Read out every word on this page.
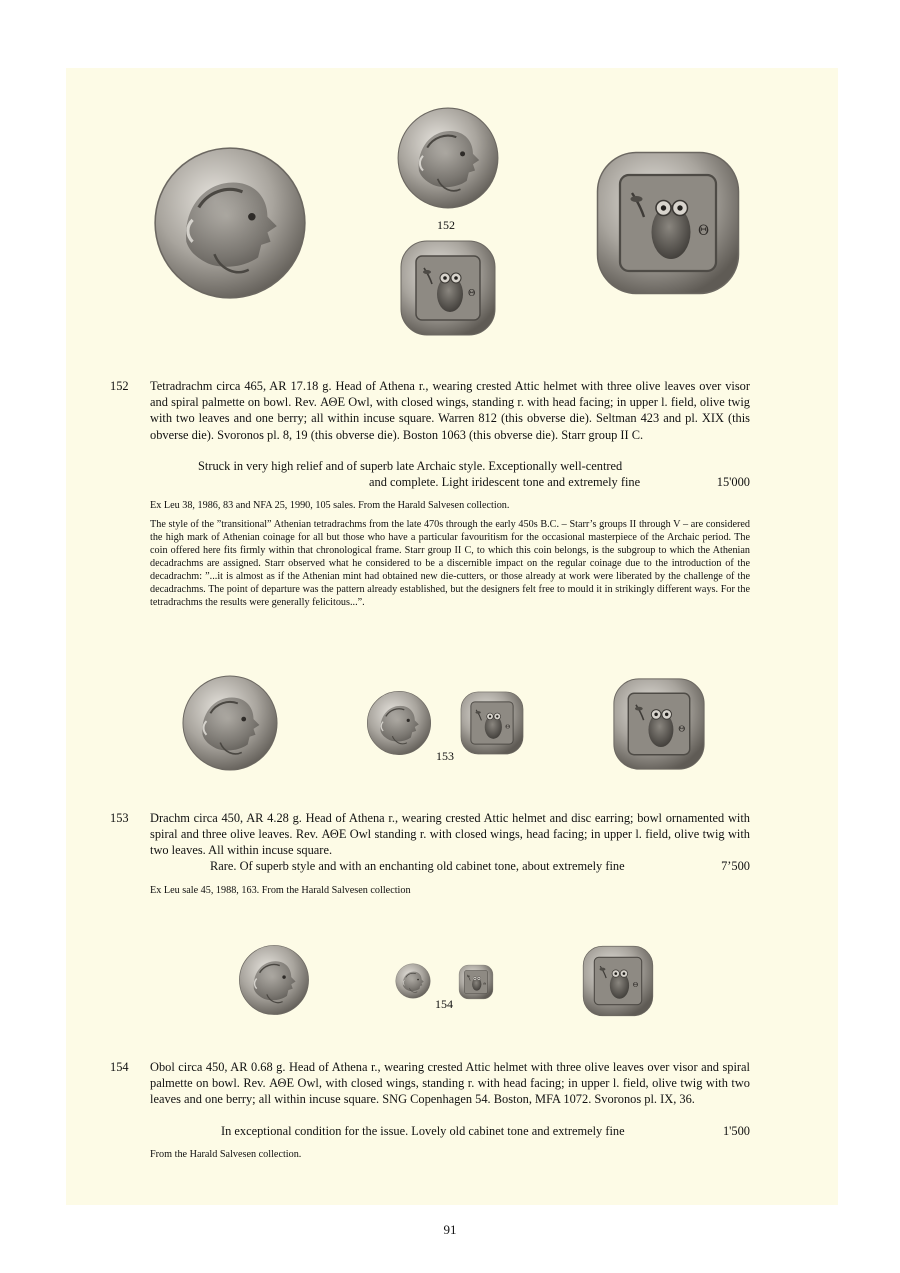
152
152 Tetradrachm circa 465, AR 17.18 g. Head of Athena r., wearing crested Attic helmet with three olive leaves over visor and spiral palmette on bowl. Rev. ΑΘΕ Owl, with closed wings, standing r. with head facing; in upper l. field, olive twig with two leaves and one berry; all within incuse square. Warren 812 (this obverse die). Seltman 423 and pl. XIX (this obverse die). Svoronos pl. 8, 19 (this obverse die). Boston 1063 (this obverse die). Starr group II C.
Struck in very high relief and of superb late Archaic style. Exceptionally well-centred
and complete. Light iridescent tone and extremely fine	15'000
Ex Leu 38, 1986, 83 and NFA 25, 1990, 105 sales. From the Harald Salvesen collection.
The style of the ”transitional” Athenian tetradrachms from the late 470s through the early 450s B.C. – Starr’s groups II through V – are considered the high mark of Athenian coinage for all but those who have a particular favouritism for the occasional masterpiece of the Archaic period. The coin offered here fits firmly within that chronological frame. Starr group II C, to which this coin belongs, is the subgroup to which the Athenian decadrachms are assigned. Starr observed what he considered to be a discernible impact on the regular coinage due to the introduction of the decadrachm: ”...it is almost as if the Athenian mint had obtained new die-cutters, or those already at work were liberated by the challenge of the decadrachms. The point of departure was the pattern already established, but the designers felt free to mould it in strikingly different ways. For the tetradrachms the results were generally felicitous...”.
153
153 Drachm circa 450, AR 4.28 g. Head of Athena r., wearing crested Attic helmet and disc earring; bowl ornamented with spiral and three olive leaves. Rev. ΑΘΕ Owl standing r. with closed wings, head facing; in upper l. field, olive twig with two leaves. All within incuse square.
Rare. Of superb style and with an enchanting old cabinet tone, about extremely fine	7’500
Ex Leu sale 45, 1988, 163. From the Harald Salvesen collection
154
154 Obol circa 450, AR 0.68 g. Head of Athena r., wearing crested Attic helmet with three olive leaves over visor and spiral palmette on bowl. Rev. ΑΘΕ Owl, with closed wings, standing r. with head facing; in upper l. field, olive twig with two leaves and one berry; all within incuse square. SNG Copenhagen 54. Boston, MFA 1072. Svoronos pl. IX, 36.
In exceptional condition for the issue. Lovely old cabinet tone and extremely fine	1'500
From the Harald Salvesen collection.
91
